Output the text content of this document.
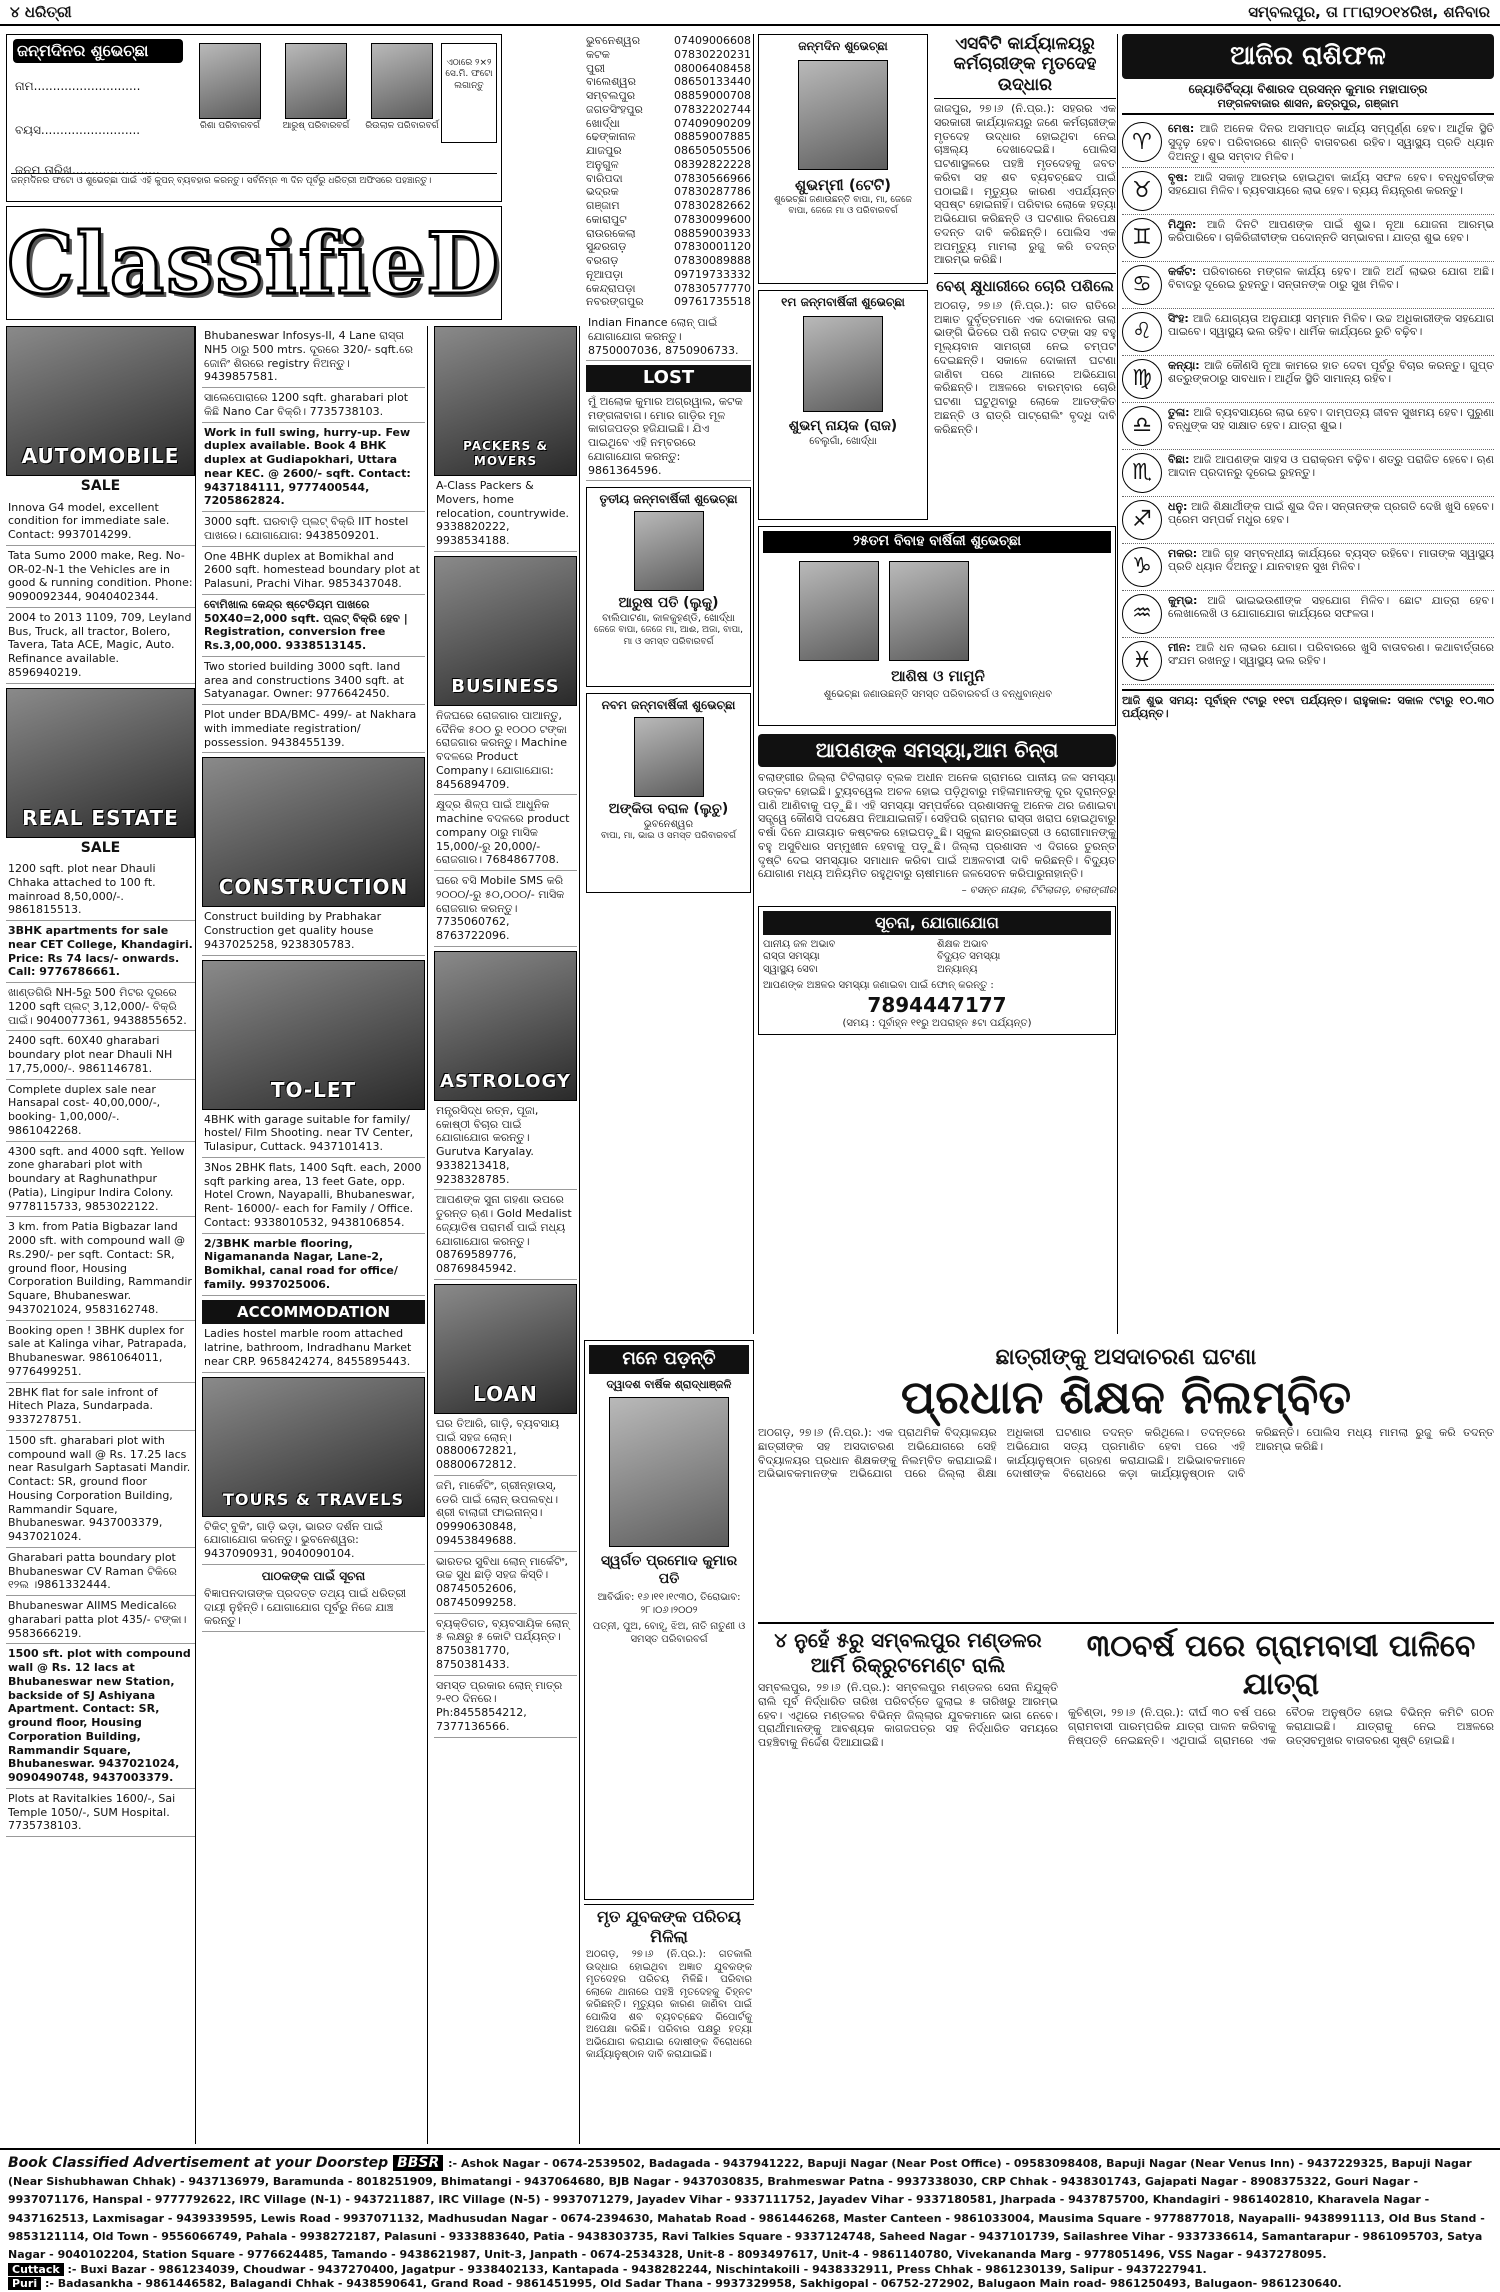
୪ ଧରିତ୍ରୀ	ସମ୍ବଲପୁର, ତା ୮୮ାରା୨୦୧୪ରିଖ, ଶନିବାର
ଜନ୍ମଦିନର ଶୁଭେଚ୍ଛା
ନାମ............................
ବୟସ..........................
ଜନ୍ମ ତାରିଖ.......................
ରିଶା ପରିବାରବର୍ଗ	ଆରୁଷ୍ ପରିବାରବର୍ଗ	ରିଉଲାଳ ପରିବାରବର୍ଗ
ଏଠାରେ ୨×୨ ସେ.ମି. ଫଟୋ ଲଗାନ୍ତୁ
ଜନ୍ମଦିନର ଫଟୋ ଓ ଶୁଭେଚ୍ଛା ପାଇଁ ଏହି କୁପନ୍ ବ୍ୟବହାର କରନ୍ତୁ। ସର୍ବନିମ୍ନ ୩ ଦିନ ପୂର୍ବରୁ ଧରିତ୍ରୀ ଅଫିସରେ ପହଞ୍ଚାନ୍ତୁ।
ClassifieD
AUTOMOBILE
SALE
Innova G4 model, excellent condition for immediate sale. Contact: 9937014299.
Tata Sumo 2000 make, Reg. No- OR-02-N-1 the Vehicles are in good & running condition. Phone: 9090092344, 9040402344.
2004 to 2013 1109, 709, Leyland Bus, Truck, all tractor, Bolero, Tavera, Tata ACE, Magic, Auto. Refinance available. 8596940219.
REAL ESTATE
SALE
1200 sqft. plot near Dhauli Chhaka attached to 100 ft. mainroad 8,50,000/-. 9861815513.
3BHK apartments for sale near CET College, Khandagiri. Price: Rs 74 lacs/- onwards. Call: 9776786661.
ଖାଣ୍ଡଗିରି NH-5ରୁ 500 ମିଟର ଦୂରରେ 1200 sqft ପ୍ଲଟ୍ 3,12,000/- ବିକ୍ରି ପାଇଁ। 9040077361, 9438855652.
2400 sqft. 60X40 gharabari boundary plot near Dhauli NH 17,75,000/-. 9861146781.
Complete duplex sale near Hansapal cost- 40,00,000/-, booking- 1,00,000/-. 9861042268.
4300 sqft. and 4000 sqft. Yellow zone gharabari plot with boundary at Raghunathpur (Patia), Lingipur Indira Colony. 9778115733, 9853022122.
3 km. from Patia Bigbazar land 2000 sft. with compound wall @ Rs.290/- per sqft. Contact: SR, ground floor, Housing Corporation Building, Rammandir Square, Bhubaneswar. 9437021024, 9583162748.
Booking open ! 3BHK duplex for sale at Kalinga vihar, Patrapada, Bhubaneswar. 9861064011, 9776499251.
2BHK flat for sale infront of Hitech Plaza, Sundarpada. 9337278751.
1500 sft. gharabari plot with compound wall @ Rs. 17.25 lacs near Rasulgarh Saptasati Mandir. Contact: SR, ground floor Housing Corporation Building, Rammandir Square, Bhubaneswar. 9437003379, 9437021024.
Gharabari patta boundary plot Bhubaneswar CV Raman ଟିକିରେ ୧୨ଲ ।9861332444.
Bhubaneswar AIIMS Medicalରେ gharabari patta plot 435/- ଟଙ୍କା। 9583666219.
1500 sft. plot with compound wall @ Rs. 12 lacs at Bhubaneswar new Station, backside of SJ Ashiyana Apartment. Contact: SR, ground floor, Housing Corporation Building, Rammandir Square, Bhubaneswar. 9437021024, 9090490748, 9437003379.
Plots at Ravitalkies 1600/-, Sai Temple 1050/-, SUM Hospital. 7735738103.
Bhubaneswar Infosys-II, 4 Lane ରାସ୍ତା NH5 ଠାରୁ 500 mtrs. ଦୂରରେ 320/- sqft.ରେ ଜୋନିଂ ଶିରରେ registry ନିଅନ୍ତୁ। 9439857581.
ସାଲେପୋରାରେ 1200 sqft. gharabari plot କିଛି Nano Car ବିକ୍ରି। 7735738103.
Work in full swing, hurry-up. Few duplex available. Book 4 BHK duplex at Gudiapokhari, Uttara near KEC. @ 2600/- sqft. Contact: 9437184111, 9777400544, 7205862824.
3000 sqft. ଘରବାଡ଼ି ପ୍ଲଟ୍ ବିକ୍ରି IIT hostel ପାଖରେ। ଯୋଗାଯୋଗ: 9438509201.
One 4BHK duplex at Bomikhal and 2600 sqft. homestead boundary plot at Palasuni, Prachi Vihar. 9853437048.
ବୋମିଖାଲ କେନ୍ଦ୍ର ଷ୍ଟେଡିୟମ ପାଖରେ 50X40=2,000 sqft. ପ୍ଲଟ୍ ବିକ୍ରି ହେବ | Registration, conversion free Rs.3,00,000. 9338513145.
Two storied building 3000 sqft. land area and constructions 3400 sqft. at Satyanagar. Owner: 9776642450.
Plot under BDA/BMC- 499/- at Nakhara with immediate registration/ possession. 9438455139.
CONSTRUCTION
Construct building by Prabhakar Construction get quality house 9437025258, 9238305783.
TO-LET
4BHK with garage suitable for family/ hostel/ Film Shooting. near TV Center, Tulasipur, Cuttack. 9437101413.
3Nos 2BHK flats, 1400 Sqft. each, 2000 sqft parking area, 13 feet Gate, opp. Hotel Crown, Nayapalli, Bhubaneswar, Rent- 16000/- each for Family / Office. Contact: 9338010532, 9438106854.
2/3BHK marble flooring, Nigamananda Nagar, Lane-2, Bomikhal, canal road for office/ family. 9937025006.
ACCOMMODATION
Ladies hostel marble room attached latrine, bathroom, Indradhanu Market near CRP. 9658424274, 8455895443.
TOURS & TRAVELS
ଟିକିଟ୍ ବୁକିଂ, ଗାଡ଼ି ଭଡ଼ା, ଭାରତ ଦର୍ଶନ ପାଇଁ ଯୋଗାଯୋଗ କରନ୍ତୁ। ଭୁବନେଶ୍ୱର: 9437090931, 9040090104.
ପାଠକଙ୍କ ପାଇଁ ସୂଚନା
ବିଜ୍ଞାପନଦାତାଙ୍କ ପ୍ରଦତ୍ତ ତଥ୍ୟ ପାଇଁ ଧରିତ୍ରୀ ଦାୟୀ ନୁହଁନ୍ତି। ଯୋଗାଯୋଗ ପୂର୍ବରୁ ନିଜେ ଯାଞ୍ଚ କରନ୍ତୁ।
PACKERS & MOVERS
A-Class Packers & Movers, home relocation, countrywide. 9338820222, 9938534188.
BUSINESS
ନିଜଘରେ ରୋଜଗାର ପାଆନ୍ତୁ, ଦୈନିକ ୫୦୦ ରୁ ୧୦୦୦ ଟଙ୍କା ରୋଜଗାର କରନ୍ତୁ। Machine ବଦଳରେ Product Company। ଯୋଗାଯୋଗ: 8456894709.
କ୍ଷୁଦ୍ର ଶିଳ୍ପ ପାଇଁ ଆଧୁନିକ machine ବଦଳରେ product company ଠାରୁ ମାସିକ 15,000/-ରୁ 20,000/- ରୋଜଗାର। 7684867708.
ଘରେ ବସି Mobile SMS କରି ୨୦୦୦/-ରୁ ୫୦,୦୦୦/- ମାସିକ ରୋଜଗାର କରନ୍ତୁ। 7735060762, 8763722096.
ASTROLOGY
ମନ୍ତ୍ରସିଦ୍ଧ ରତ୍ନ, ପୂଜା, କୋଷ୍ଠୀ ବିଚାର ପାଇଁ ଯୋଗାଯୋଗ କରନ୍ତୁ। Gurutva Karyalay. 9338213418, 9238328785.
ଆପଣଙ୍କ ସୁନା ଗହଣା ଉପରେ ତୁରନ୍ତ ଋଣ। Gold Medalist ଜ୍ୟୋତିଷ ପରାମର୍ଶ ପାଇଁ ମଧ୍ୟ ଯୋଗାଯୋଗ କରନ୍ତୁ। 08769589776, 08769845942.
LOAN
ଘର ତିଆରି, ଗାଡ଼ି, ବ୍ୟବସାୟ ପାଇଁ ସହଜ ଲୋନ୍। 08800672821, 08800672812.
ଜମି, ମାର୍କେଟିଂ, ଗ୍ରୀନ୍ହାଉସ୍, ଡେରି ପାଇଁ ଲୋନ୍ ଉପଲବ୍ଧ। ଶ୍ରୀ ବାଲାଜୀ ଫାଇନାନ୍ସ। 09990630848, 09453849688.
ଭାରତର ସୁବିଧା ଲୋନ୍ ମାର୍କେଟିଂ, ଉଚ୍ଚ ସୁଧ ଛାଡ଼ି ସହଜ କିସ୍ତି। 08745052606, 08745099258.
ବ୍ୟକ୍ତିଗତ, ବ୍ୟବସାୟିକ ଲୋନ୍ ୫ ଲକ୍ଷରୁ ୫ କୋଟି ପର୍ଯ୍ୟନ୍ତ। 8750381770, 8750381433.
ସମସ୍ତ ପ୍ରକାର ଲୋନ୍ ମାତ୍ର ୨-୧୦ ଦିନରେ। Ph:8455854212, 7377136566.
ଭୁବନେଶ୍ୱର	07409006608
କଟକ	07830220231
ପୁରୀ	08006408458
ବାଲେଶ୍ୱର	08650133440
ସମ୍ବଲପୁର	08859000708
ଜଗତସିଂହପୁର	07832202744
ଖୋର୍ଦ୍ଧା	07409090209
ଢେଙ୍କାନାଳ	08859007885
ଯାଜପୁର	08650505506
ଅନୁଗୁଳ	08392822228
ବାରିପଦା	07830566966
ଭଦ୍ରକ	07830287786
ଗଞ୍ଜାମ	07830282662
କୋରାପୁଟ	07830099600
ରାଉରକେଲା	08859003933
ସୁନ୍ଦରଗଡ଼	07830001120
ବରଗଡ଼	07830089888
ନୂଆପଡ଼ା	09719733332
କେନ୍ଦ୍ରାପଡ଼ା	07830577770
ନବରଙ୍ଗପୁର	09761735518
Indian Finance ଲୋନ୍ ପାଇଁ ଯୋଗାଯୋଗ କରନ୍ତୁ। 8750007036, 8750906733.
LOST
ମୁଁ ଅଲୋକ କୁମାର ଅଗ୍ରୱାଲ, କଟକ ମଙ୍ଗଳାବାଗ। ମୋର ଗାଡ଼ିର ମୂଳ କାଗଜପତ୍ର ହଜିଯାଇଛି। ଯିଏ ପାଇଥିବେ ଏହି ନମ୍ବରରେ ଯୋଗାଯୋଗ କରନ୍ତୁ: 9861364596.
ତୃତୀୟ ଜନ୍ମବାର୍ଷିକୀ ଶୁଭେଚ୍ଛା
ଆରୁଷ ପତି (ଲୁକୁ)
ବାଲିପାଟଣା, କାଳକୁହଣ୍ଡି, ଖୋର୍ଦ୍ଧା
ଜେଜେ ବାପା, ଜେଜେ ମା, ଆଈ, ଅଜା, ବାପା, ମା ଓ ସମସ୍ତ ପରିବାରବର୍ଗ
ନବମ ଜନ୍ମବାର୍ଷିକୀ ଶୁଭେଚ୍ଛା
ଅଙ୍କିତା ବରାଳ (ଲୁଚୁ)
ଭୁବନେଶ୍ୱର
ବାପା, ମା, ଭାଇ ଓ ସମସ୍ତ ପରିବାରବର୍ଗ
ଜନ୍ମଦିନ ଶୁଭେଚ୍ଛା
ଶୁଭମ୍ମୀ (ଟେଟି)
ଶୁଭେଚ୍ଛା ଜଣାଉଛନ୍ତି ବାପା, ମା, ଜେଜେ ବାପା, ଜେଜେ ମା ଓ ପରିବାରବର୍ଗ
୧ମ ଜନ୍ମବାର୍ଷିକୀ ଶୁଭେଚ୍ଛା
ଶୁଭମ୍ ନାୟକ (ରାଜ)
ବେଲୁଗାଁ, ଖୋର୍ଦ୍ଧା
ଏସବିଟି କାର୍ଯ୍ୟାଳୟରୁ କର୍ମଚାରୀଙ୍କ ମୃତଦେହ ଉଦ୍ଧାର
ଜାଜପୁର, ୨୭।୬ (ନି.ପ୍ର.): ସହରର ଏକ ସରକାରୀ କାର୍ଯ୍ୟାଳୟରୁ ଜଣେ କର୍ମଚାରୀଙ୍କ ମୃତଦେହ ଉଦ୍ଧାର ହୋଇଥିବା ନେଇ ଚାଞ୍ଚଲ୍ୟ ଦେଖାଦେଇଛି। ପୋଲିସ ଘଟଣାସ୍ଥଳରେ ପହଞ୍ଚି ମୃତଦେହକୁ ଜବତ କରିବା ସହ ଶବ ବ୍ୟବଚ୍ଛେଦ ପାଇଁ ପଠାଇଛି। ମୃତ୍ୟୁର କାରଣ ଏପର୍ଯ୍ୟନ୍ତ ସ୍ପଷ୍ଟ ହୋଇନାହିଁ। ପରିବାର ଲୋକେ ହତ୍ୟା ଅଭିଯୋଗ କରିଛନ୍ତି ଓ ଘଟଣାର ନିରପେକ୍ଷ ତଦନ୍ତ ଦାବି କରିଛନ୍ତି। ପୋଲିସ ଏକ ଅପମୃତ୍ୟୁ ମାମଲା ରୁଜୁ କରି ତଦନ୍ତ ଆରମ୍ଭ କରିଛି।
ବେଶ୍ କ୍ଷୁଧାରୀରେ ଚୋରି ପଶିଲେ
ଅଠଗଡ଼, ୨୭।୬ (ନି.ପ୍ର.): ଗତ ରାତିରେ ଅଜ୍ଞାତ ଦୁର୍ବୃତ୍ତମାନେ ଏକ ଦୋକାନର ତାଲା ଭାଙ୍ଗି ଭିତରେ ପଶି ନଗଦ ଟଙ୍କା ସହ ବହୁ ମୂଲ୍ୟବାନ ସାମଗ୍ରୀ ନେଇ ଚମ୍ପଟ ଦେଇଛନ୍ତି। ସକାଳେ ଦୋକାନୀ ଘଟଣା ଜାଣିବା ପରେ ଥାନାରେ ଅଭିଯୋଗ କରିଛନ୍ତି। ଅଞ୍ଚଳରେ ବାରମ୍ବାର ଚୋରି ଘଟଣା ଘଟୁଥିବାରୁ ଲୋକେ ଆତଙ୍କିତ ଅଛନ୍ତି ଓ ରାତ୍ରି ପାଟ୍ରୋଲିଂ ବୃଦ୍ଧି ଦାବି କରିଛନ୍ତି।
୨୫ତମ ବିବାହ ବାର୍ଷିକୀ ଶୁଭେଚ୍ଛା
ଆଶିଷ ଓ ମାମୁନି
ଶୁଭେଚ୍ଛା ଜଣାଉଛନ୍ତି ସମସ୍ତ ପରିବାରବର୍ଗ ଓ ବନ୍ଧୁବାନ୍ଧବ
ଆପଣଙ୍କ ସମସ୍ୟା,ଆମ ଚିନ୍ତା
ବଲାଙ୍ଗୀର ଜିଲ୍ଲା ଟିଟିଲାଗଡ଼ ବ୍ଲକ ଅଧୀନ ଅନେକ ଗ୍ରାମରେ ପାନୀୟ ଜଳ ସମସ୍ୟା ଉତ୍କଟ ହୋଇଛି। ଟ୍ୟୁବୱେଲ ଅଚଳ ହୋଇ ପଡ଼ିଥିବାରୁ ମହିଳାମାନଙ୍କୁ ଦୂର ଦୂରାନ୍ତରୁ ପାଣି ଆଣିବାକୁ ପଡ଼ୁଛି। ଏହି ସମସ୍ୟା ସମ୍ପର୍କରେ ପ୍ରଶାସନକୁ ଅନେକ ଥର ଜଣାଇବା ସତ୍ତ୍ୱେ କୌଣସି ପଦକ୍ଷେପ ନିଆଯାଇନାହିଁ। ସେହିପରି ଗ୍ରାମର ରାସ୍ତା ଖରାପ ହୋଇଥିବାରୁ ବର୍ଷା ଦିନେ ଯାତାୟାତ କଷ୍ଟକର ହୋଇପଡ଼ୁଛି। ସ୍କୁଲ ଛାତ୍ରଛାତ୍ରୀ ଓ ରୋଗୀମାନଙ୍କୁ ବହୁ ଅସୁବିଧାର ସମ୍ମୁଖୀନ ହେବାକୁ ପଡ଼ୁଛି। ଜିଲ୍ଲା ପ୍ରଶାସନ ଏ ଦିଗରେ ତୁରନ୍ତ ଦୃଷ୍ଟି ଦେଇ ସମସ୍ୟାର ସମାଧାନ କରିବା ପାଇଁ ଅଞ୍ଚଳବାସୀ ଦାବି କରିଛନ୍ତି। ବିଦ୍ୟୁତ ଯୋଗାଣ ମଧ୍ୟ ଅନିୟମିତ ରହୁଥିବାରୁ ଚାଷୀମାନେ ଜଳସେଚନ କରିପାରୁନାହାନ୍ତି।
– ବସନ୍ତ ନାୟକ, ଟିଟିଲାଗଡ଼, ବଲାଙ୍ଗୀର
ସୂଚନା, ଯୋଗାଯୋଗ
ପାନୀୟ ଜଳ ଅଭାବ	ଶିକ୍ଷକ ଅଭାବ
ରାସ୍ତା ସମସ୍ୟା	ବିଦ୍ୟୁତ ସମସ୍ୟା
ସ୍ୱାସ୍ଥ୍ୟ ସେବା	ଅନ୍ୟାନ୍ୟ
ଆପଣଙ୍କ ଅଞ୍ଚଳର ସମସ୍ୟା ଜଣାଇବା ପାଇଁ ଫୋନ୍ କରନ୍ତୁ :
7894447177
(ସମୟ : ପୂର୍ବାହ୍ନ ୧୧ରୁ ଅପରାହ୍ନ ୫ଟା ପର୍ଯ୍ୟନ୍ତ)
ଆଜିର ରାଶିଫଳ
ଜ୍ୟୋତିର୍ବିଦ୍ୟା ବିଶାରଦ ପ୍ରସନ୍ନ କୁମାର ମହାପାତ୍ର
ମଙ୍ଗଳବାଜାର ଶାସନ, ଛତ୍ରପୁର, ଗଞ୍ଜାମ
♈
ମେଷ: ଆଜି ଅନେକ ଦିନର ଅସମାପ୍ତ କାର୍ଯ୍ୟ ସମ୍ପୂର୍ଣ୍ଣ ହେବ। ଆର୍ଥିକ ସ୍ଥିତି ସୁଦୃଢ଼ ହେବ। ପରିବାରରେ ଶାନ୍ତି ବାତାବରଣ ରହିବ। ସ୍ୱାସ୍ଥ୍ୟ ପ୍ରତି ଧ୍ୟାନ ଦିଅନ୍ତୁ। ଶୁଭ ସମ୍ବାଦ ମିଳିବ।
♉
ବୃଷ: ଆଜି ସକାଳୁ ଆରମ୍ଭ ହୋଇଥିବା କାର୍ଯ୍ୟ ସଫଳ ହେବ। ବନ୍ଧୁବର୍ଗଙ୍କ ସହଯୋଗ ମିଳିବ। ବ୍ୟବସାୟରେ ଲାଭ ହେବ। ବ୍ୟୟ ନିୟନ୍ତ୍ରଣ କରନ୍ତୁ।
♊
ମିଥୁନ: ଆଜି ଦିନଟି ଆପଣଙ୍କ ପାଇଁ ଶୁଭ। ନୂଆ ଯୋଜନା ଆରମ୍ଭ କରିପାରିବେ। ଚାକିରିଜୀବୀଙ୍କ ପଦୋନ୍ନତି ସମ୍ଭାବନା। ଯାତ୍ରା ଶୁଭ ହେବ।
♋
କର୍କଟ: ପରିବାରରେ ମଙ୍ଗଳ କାର୍ଯ୍ୟ ହେବ। ଆଜି ଅର୍ଥ ଲାଭର ଯୋଗ ଅଛି। ବିବାଦରୁ ଦୂରେଇ ରୁହନ୍ତୁ। ସନ୍ତାନଙ୍କ ଠାରୁ ସୁଖ ମିଳିବ।
♌
ସିଂହ: ଆଜି ଯୋଗ୍ୟତା ଅନୁଯାୟୀ ସମ୍ମାନ ମିଳିବ। ଉଚ୍ଚ ଅଧିକାରୀଙ୍କ ସହଯୋଗ ପାଇବେ। ସ୍ୱାସ୍ଥ୍ୟ ଭଲ ରହିବ। ଧାର୍ମିକ କାର୍ଯ୍ୟରେ ରୁଚି ବଢ଼ିବ।
♍
କନ୍ୟା: ଆଜି କୌଣସି ନୂଆ କାମରେ ହାତ ଦେବା ପୂର୍ବରୁ ବିଚାର କରନ୍ତୁ। ଗୁପ୍ତ ଶତ୍ରୁଙ୍କଠାରୁ ସାବଧାନ। ଆର୍ଥିକ ସ୍ଥିତି ସାମାନ୍ୟ ରହିବ।
♎
ତୁଳା: ଆଜି ବ୍ୟବସାୟରେ ଲାଭ ହେବ। ଦାମ୍ପତ୍ୟ ଜୀବନ ସୁଖମୟ ହେବ। ପୁରୁଣା ବନ୍ଧୁଙ୍କ ସହ ସାକ୍ଷାତ ହେବ। ଯାତ୍ରା ଶୁଭ।
♏
ବିଛା: ଆଜି ଆପଣଙ୍କ ସାହସ ଓ ପରାକ୍ରମ ବଢ଼ିବ। ଶତ୍ରୁ ପରାଜିତ ହେବେ। ଋଣ ଆଦାନ ପ୍ରଦାନରୁ ଦୂରେଇ ରୁହନ୍ତୁ।
♐
ଧନୁ: ଆଜି ଶିକ୍ଷାର୍ଥୀଙ୍କ ପାଇଁ ଶୁଭ ଦିନ। ସନ୍ତାନଙ୍କ ପ୍ରଗତି ଦେଖି ଖୁସି ହେବେ। ପ୍ରେମ ସମ୍ପର୍କ ମଧୁର ହେବ।
♑
ମକର: ଆଜି ଗୃହ ସମ୍ବନ୍ଧୀୟ କାର୍ଯ୍ୟରେ ବ୍ୟସ୍ତ ରହିବେ। ମାତାଙ୍କ ସ୍ୱାସ୍ଥ୍ୟ ପ୍ରତି ଧ୍ୟାନ ଦିଅନ୍ତୁ। ଯାନବାହନ ସୁଖ ମିଳିବ।
♒
କୁମ୍ଭ: ଆଜି ଭାଇଭଉଣୀଙ୍କ ସହଯୋଗ ମିଳିବ। ଛୋଟ ଯାତ୍ରା ହେବ। ଲେଖାଲେଖି ଓ ଯୋଗାଯୋଗ କାର୍ଯ୍ୟରେ ସଫଳତା।
♓
ମୀନ: ଆଜି ଧନ ଲାଭର ଯୋଗ। ପରିବାରରେ ଖୁସି ବାତାବରଣ। କଥାବାର୍ତ୍ତାରେ ସଂଯମ ରଖନ୍ତୁ। ସ୍ୱାସ୍ଥ୍ୟ ଭଲ ରହିବ।
ଆଜି ଶୁଭ ସମୟ: ପୂର୍ବାହ୍ନ ୯ଟାରୁ ୧୧ଟା ପର୍ଯ୍ୟନ୍ତ। ରାହୁକାଳ: ସକାଳ ୯ଟାରୁ ୧୦.୩୦ ପର୍ଯ୍ୟନ୍ତ।
ମନେ ପଡ଼ନ୍ତି
ଦ୍ୱାଦଶ ବାର୍ଷିକ ଶ୍ରାଦ୍ଧାଞ୍ଜଳି
ସ୍ୱର୍ଗତ ପ୍ରମୋଦ କୁମାର ପତି
ଆବିର୍ଭାବ: ୧୬।୧୧।୧୯୩୦, ତିରୋଭାବ: ୨୮।୦୬।୨୦୦୨
ପତ୍ନୀ, ପୁଅ, ବୋହୂ, ଝିଅ, ନାତି ନାତୁଣୀ ଓ ସମସ୍ତ ପରିବାରବର୍ଗ
ଛାତ୍ରୀଙ୍କୁ ଅସଦାଚରଣ ଘଟଣା
ପ୍ରଧାନ ଶିକ୍ଷକ ନିଲମ୍ବିତ
ଅଠଗଡ଼, ୨୭।୬ (ନି.ପ୍ର.): ଏକ ପ୍ରାଥମିକ ବିଦ୍ୟାଳୟର ଛାତ୍ରୀଙ୍କ ସହ ଅସଦାଚରଣ ଅଭିଯୋଗରେ ସେହି ବିଦ୍ୟାଳୟର ପ୍ରଧାନ ଶିକ୍ଷକଙ୍କୁ ନିଲମ୍ବିତ କରାଯାଇଛି। ଅଭିଭାବକମାନଙ୍କ ଅଭିଯୋଗ ପରେ ଜିଲ୍ଲା ଶିକ୍ଷା ଅଧିକାରୀ ଘଟଣାର ତଦନ୍ତ କରିଥିଲେ। ତଦନ୍ତରେ ଅଭିଯୋଗ ସତ୍ୟ ପ୍ରମାଣିତ ହେବା ପରେ ଏହି କାର୍ଯ୍ୟାନୁଷ୍ଠାନ ଗ୍ରହଣ କରାଯାଇଛି। ଅଭିଭାବକମାନେ ଦୋଷୀଙ୍କ ବିରୋଧରେ କଡ଼ା କାର୍ଯ୍ୟାନୁଷ୍ଠାନ ଦାବି କରିଛନ୍ତି। ପୋଲିସ ମଧ୍ୟ ମାମଲା ରୁଜୁ କରି ତଦନ୍ତ ଆରମ୍ଭ କରିଛି।
୪ ନୁହେଁ ୫ରୁ ସମ୍ବଲପୁର ମଣ୍ଡଳର ଆର୍ମି ରିକ୍ରୁଟମେଣ୍ଟ ରାଲି
ସମ୍ବଲପୁର, ୨୭।୬ (ନି.ପ୍ର.): ସମ୍ବଲପୁର ମଣ୍ଡଳର ସେନା ନିଯୁକ୍ତି ରାଲି ପୂର୍ବ ନିର୍ଦ୍ଧାରିତ ତାରିଖ ପରିବର୍ତ୍ତେ ଜୁଲାଇ ୫ ତାରିଖରୁ ଆରମ୍ଭ ହେବ। ଏଥିରେ ମଣ୍ଡଳର ବିଭିନ୍ନ ଜିଲ୍ଲାର ଯୁବକମାନେ ଭାଗ ନେବେ। ପ୍ରାର୍ଥୀମାନଙ୍କୁ ଆବଶ୍ୟକ କାଗଜପତ୍ର ସହ ନିର୍ଦ୍ଧାରିତ ସମୟରେ ପହଞ୍ଚିବାକୁ ନିର୍ଦ୍ଦେଶ ଦିଆଯାଇଛି।
୩୦ବର୍ଷ ପରେ ଗ୍ରାମବାସୀ ପାଳିବେ ଯାତ୍ରା
କୁଚିଣ୍ଡା, ୨୭।୬ (ନି.ପ୍ର.): ଦୀର୍ଘ ୩୦ ବର୍ଷ ପରେ ଗ୍ରାମବାସୀ ପାରମ୍ପରିକ ଯାତ୍ରା ପାଳନ କରିବାକୁ ନିଷ୍ପତ୍ତି ନେଇଛନ୍ତି। ଏଥିପାଇଁ ଗ୍ରାମରେ ଏକ ବୈଠକ ଅନୁଷ୍ଠିତ ହୋଇ ବିଭିନ୍ନ କମିଟି ଗଠନ କରାଯାଇଛି। ଯାତ୍ରାକୁ ନେଇ ଅଞ୍ଚଳରେ ଉତ୍ସବମୁଖର ବାତାବରଣ ସୃଷ୍ଟି ହୋଇଛି।
ମୃତ ଯୁବକଙ୍କ ପରିଚୟ ମିଳିଲା
ଅଠଗଡ଼, ୨୭।୬ (ନି.ପ୍ର.): ଗତକାଲି ଉଦ୍ଧାର ହୋଇଥିବା ଅଜ୍ଞାତ ଯୁବକଙ୍କ ମୃତଦେହର ପରିଚୟ ମିଳିଛି। ପରିବାର ଲୋକେ ଥାନାରେ ପହଞ୍ଚି ମୃତଦେହକୁ ଚିହ୍ନଟ କରିଛନ୍ତି। ମୃତ୍ୟୁର କାରଣ ଜାଣିବା ପାଇଁ ପୋଲିସ ଶବ ବ୍ୟବଚ୍ଛେଦ ରିପୋର୍ଟକୁ ଅପେକ୍ଷା କରିଛି। ପରିବାର ପକ୍ଷରୁ ହତ୍ୟା ଅଭିଯୋଗ କରାଯାଇ ଦୋଷୀଙ୍କ ବିରୋଧରେ କାର୍ଯ୍ୟାନୁଷ୍ଠାନ ଦାବି କରାଯାଇଛି।
Book Classified Advertisement at your Doorstep BBSR :- Ashok Nagar - 0674-2539502, Badagada - 9437941222, Bapuji Nagar (Near Post Office) - 09583098408, Bapuji Nagar (Near Venus Inn) - 9437229325, Bapuji Nagar (Near Sishubhawan Chhak) - 9437136979, Baramunda - 8018251909, Bhimatangi - 9437064680, BJB Nagar - 9437030835, Brahmeswar Patna - 9937338030, CRP Chhak - 9438301743, Gajapati Nagar - 8908375322, Gouri Nagar - 9937071176, Hanspal - 9777792622, IRC Village (N-1) - 9437211887, IRC Village (N-5) - 9937071279, Jayadev Vihar - 9337111752, Jayadev Vihar - 9337180581, Jharpada - 9437875700, Khandagiri - 9861402810, Kharavela Nagar - 9437162513, Laxmisagar - 9439339595, Lewis Road - 9937071132, Madhusudan Nagar - 0674-2394630, Mahatab Road - 9861446268, Master Canteen - 9861033004, Mausima Square - 9778877018, Nayapalli- 9438991113, Old Bus Stand - 9853121114, Old Town - 9556066749, Pahala - 9938272187, Palasuni - 9333883640, Patia - 9438303735, Ravi Talkies Square - 9337124748, Saheed Nagar - 9437101739, Sailashree Vihar - 9337336614, Samantarapur - 9861095703, Satya Nagar - 9040102204, Station Square - 9776624485, Tamando - 9438621987, Unit-3, Janpath - 0674-2534328, Unit-8 - 8093497617, Unit-4 - 9861140780, Vivekananda Marg - 9778051496, VSS Nagar - 9437278095.
Cuttack :- Buxi Bazar - 9861234039, Choudwar - 9437270400, Jagatpur - 9338402133, Kantapada - 9438282244, Nischintakoili - 9438332911, Press Chhak - 9861230139, Salipur - 9437227941.
Puri :- Badasankha - 9861446582, Balagandi Chhak - 9438590641, Grand Road - 9861451995, Old Sadar Thana - 9937329958, Sakhigopal - 06752-272902, Balugaon Main road- 9861250493, Balugaon- 9861230640.
